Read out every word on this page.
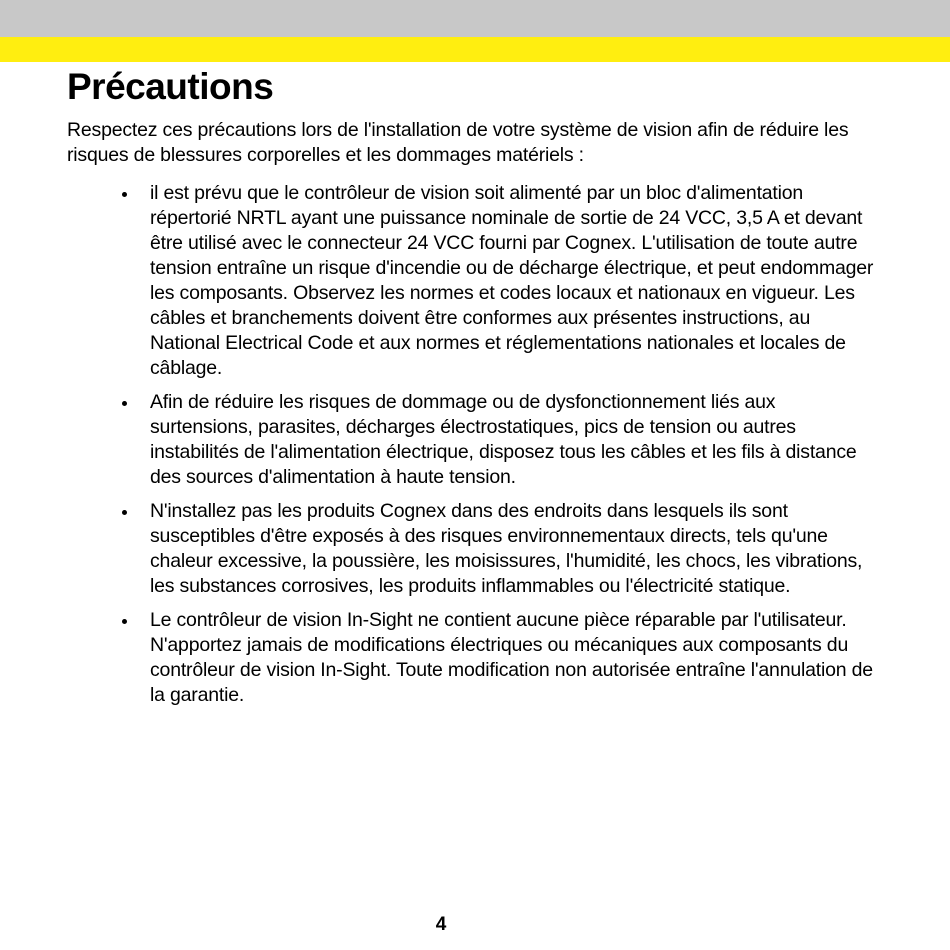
Précautions

Respectez ces précautions lors de l'installation de votre système de vision afin de réduire les risques de blessures corporelles et les dommages matériels :

il est prévu que le contrôleur de vision soit alimenté par un bloc d'alimentation répertorié NRTL ayant une puissance nominale de sortie de 24 VCC, 3,5 A et devant être utilisé avec le connecteur 24 VCC fourni par Cognex. L'utilisation de toute autre tension entraîne un risque d'incendie ou de décharge électrique, et peut endommager les composants. Observez les normes et codes locaux et nationaux en vigueur. Les câbles et branchements doivent être conformes aux présentes instructions, au National Electrical Code et aux normes et réglementations nationales et locales de câblage.
Afin de réduire les risques de dommage ou de dysfonctionnement liés aux surtensions, parasites, décharges électrostatiques, pics de tension ou autres instabilités de l'alimentation électrique, disposez tous les câbles et les fils à distance des sources d'alimentation à haute tension.
N'installez pas les produits Cognex dans des endroits dans lesquels ils sont susceptibles d'être exposés à des risques environnementaux directs, tels qu'une chaleur excessive, la poussière, les moisissures, l'humidité, les chocs, les vibrations, les substances corrosives, les produits inflammables ou l'électricité statique.
Le contrôleur de vision In-Sight ne contient aucune pièce réparable par l'utilisateur. N'apportez jamais de modifications électriques ou mécaniques aux composants du contrôleur de vision In-Sight. Toute modification non autorisée entraîne l'annulation de la garantie.
4
